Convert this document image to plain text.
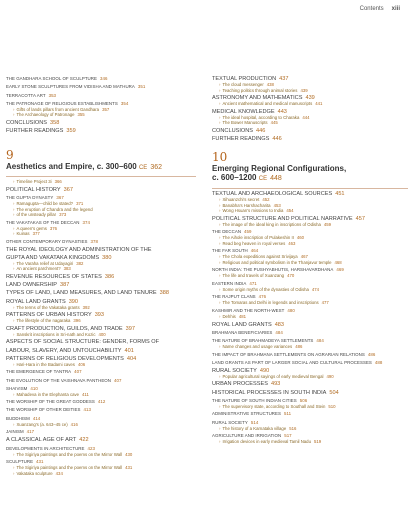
Contents xiii
THE GANDHARA SCHOOL OF SCULPTURE 346
EARLY STONE SCULPTURES FROM VIDISHA AND MATHURA 351
TERRACOTTA ART 353
THE PATRONAGE OF RELIGIOUS ESTABLISHMENTS 354
› Gifts of lands pillars from ancient Gandhara 357
› The Archaeology of Patronage 355
CONCLUSIONS 358
FURTHER READINGS 359
9
Aesthetics and Empire, c. 300–600 CE 362
› Timeline Project 3i 366
POLITICAL HISTORY 367
THE GUPTA DYNASTY 367
› Ramagupta—child be stated? 371
› The eruption of Chandra and the legend
› of the unsteady pillar 373
THE VAKATAKAS OF THE DECCAN 374
› A queen's gems 376
› Kuinas 377
OTHER CONTEMPORARY DYNASTIES 378
THE ROYAL IDEOLOGY AND ADMINISTRATION OF THE
GUPTA AND VAKATAKA KINGDOMS 380
› The Varaha relief at Udayagiri 382
› An ancient parchment? 383
REVENUE RESOURCES OF STATES 386
LAND OWNERSHIP 387
TYPES OF LAND, LAND MEASURES, AND LAND TENURE 388
ROYAL LAND GRANTS 390
› The terms of the Vakataka grants 392
PATTERNS OF URBAN HISTORY 393
› The lifestyle of the nagaraka 396
CRAFT PRODUCTION, GUILDS, AND TRADE 397
› Sanskrit inscriptions in Sri-nath and Kozic 400
ASPECTS OF SOCIAL STRUCTURE: GENDER, FORMS OF
LABOUR, SLAVERY, AND UNTOUCHABILITY 401
PATTERNS OF RELIGIOUS DEVELOPMENTS 404
› Hari-Hara in the Badami caves 406
THE EMERGENCE OF TANTRA 407
THE EVOLUTION OF THE VAISHNAVA PANTHEON 407
SHAIVISM 410
› Mahadeva in the Elephanta cave 411
THE WORSHIP OF THE GREAT GODDESS 412
THE WORSHIP OF OTHER DEITIES 413
BUDDHISM 414
› Xuanzang's (a. 643–45 ce) 416
JAINISM 417
A CLASSICAL AGE OF ART 422
DEVELOPMENTS IN ARCHITECTURE 423
› The Sigiriya paintings and the poems on the Mirror Wall 430
SCULPTURE 431
› The Sigiriya paintings and the poems on the Mirror Wall 431
› Vakataka sculpture 434
TEXTUAL PRODUCTION 437
› The cloud messenger 438
› Teaching politics through animal stories 439
ASTRONOMY AND MATHEMATICS 439
› Ancient mathematical and medical manuscripts 441
MEDICAL KNOWLEDGE 443
› The ideal hospital, according to Charaka 444
› The Bower Manuscripts 445
CONCLUSIONS 446
FURTHER READINGS 446
10
Emerging Regional Configurations,
c. 600–1200 CE 448
TEXTUAL AND ARCHAEOLOGICAL SOURCES 451
› Xihuanzchi's secret 452
› Banabha's Harshacharita 453
› Wong Hsuan's missions to India 454
POLITICAL STRUCTURE AND POLITICAL NARRATIVE 457
› The image of the ideal king in inscriptions of Odisha 459
THE DECCAN 459
› The Aihole inscription of Pulakeshin II 460
› Read beg heaven in royal verses 463
THE FAR SOUTH 464
› The Chola expeditions against Srivijaya 467
› Religious and political symbolism in the Thanjavur temple 468
NORTH INDIA: THE PUSHYABHUTIS, HARSHAVARDHANA 469
› The life and travels of Xuanzang 470
EASTERN INDIA 471
› Some origin myths of the dynasties of Odisha 474
THE RAJPUT CLANS 476
› The Tomaras and Delhi in legends and inscriptions 477
KASHMIR AND THE NORTH-WEST 480
› Dehhis 481
ROYAL LAND GRANTS 483
BRAHMANA BENEFICIARIES 484
THE NATURE OF BRAHMADEYA SETTLEMENTS 484
› Name changes and usage variances 486
THE IMPACT OF BRAHMANA SETTLEMENTS ON AGRARIAN RELATIONS 486
LAND GRANTS AS PART OF LARGER SOCIAL AND CULTURAL PROCESSES 488
RURAL SOCIETY 490
› Popular agricultural sayings of early medieval Bengal 490
URBAN PROCESSES 493
HISTORICAL PROCESSES IN SOUTH INDIA 504
THE NATURE OF SOUTH INDIAN CITIES 506
› The supervisory state, according to Southall and Stein 510
ADMINISTRATIVE STRUCTURES 511
RURAL SOCIETY 514
› The history of a Karnataka village 516
AGRICULTURE AND IRRIGATION 517
› Irrigation devices in early medieval Tamil Nadu 519
